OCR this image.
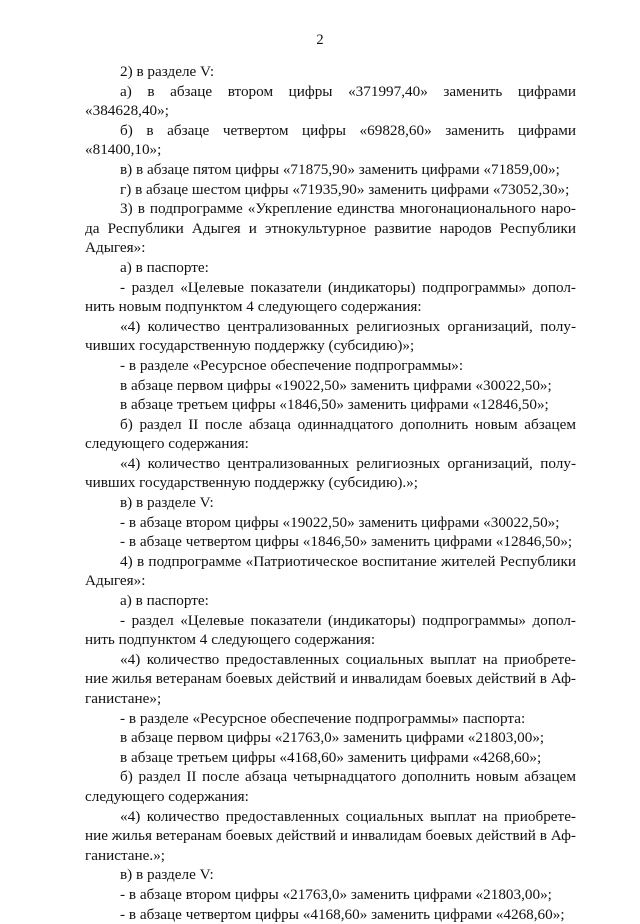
2
2) в разделе V:
а) в абзаце втором цифры «371997,40» заменить цифрами
«384628,40»;
б) в абзаце четвертом цифры «69828,60» заменить цифрами
«81400,10»;
в) в абзаце пятом цифры «71875,90» заменить цифрами «71859,00»;
г) в абзаце шестом цифры «71935,90» заменить цифрами «73052,30»;
3) в подпрограмме «Укрепление единства многонационального наро-
да Республики Адыгея и этнокультурное развитие народов Республики
Адыгея»:
а) в паспорте:
- раздел «Целевые показатели (индикаторы) подпрограммы» допол-
нить новым подпунктом 4 следующего содержания:
«4) количество централизованных религиозных организаций, полу-
чивших государственную поддержку (субсидию)»;
- в разделе «Ресурсное обеспечение подпрограммы»:
в абзаце первом цифры «19022,50» заменить цифрами «30022,50»;
в абзаце третьем цифры «1846,50» заменить цифрами «12846,50»;
б) раздел II после абзаца одиннадцатого дополнить новым абзацем
следующего содержания:
«4) количество централизованных религиозных организаций, полу-
чивших государственную поддержку (субсидию).»;
в) в разделе V:
- в абзаце втором цифры «19022,50» заменить цифрами «30022,50»;
- в абзаце четвертом цифры «1846,50» заменить цифрами «12846,50»;
4) в подпрограмме «Патриотическое воспитание жителей Республики
Адыгея»:
а) в паспорте:
- раздел «Целевые показатели (индикаторы) подпрограммы» допол-
нить подпунктом 4 следующего содержания:
«4) количество предоставленных социальных выплат на приобрете-
ние жилья ветеранам боевых действий и инвалидам боевых действий в Аф-
ганистане»;
- в разделе «Ресурсное обеспечение подпрограммы» паспорта:
в абзаце первом цифры «21763,0» заменить цифрами «21803,00»;
в абзаце третьем цифры «4168,60» заменить цифрами «4268,60»;
б) раздел II после абзаца четырнадцатого дополнить новым абзацем
следующего содержания:
«4) количество предоставленных социальных выплат на приобрете-
ние жилья ветеранам боевых действий и инвалидам боевых действий в Аф-
ганистане.»;
в) в разделе V:
- в абзаце втором цифры «21763,0» заменить цифрами «21803,00»;
- в абзаце четвертом цифры «4168,60» заменить цифрами «4268,60»;
